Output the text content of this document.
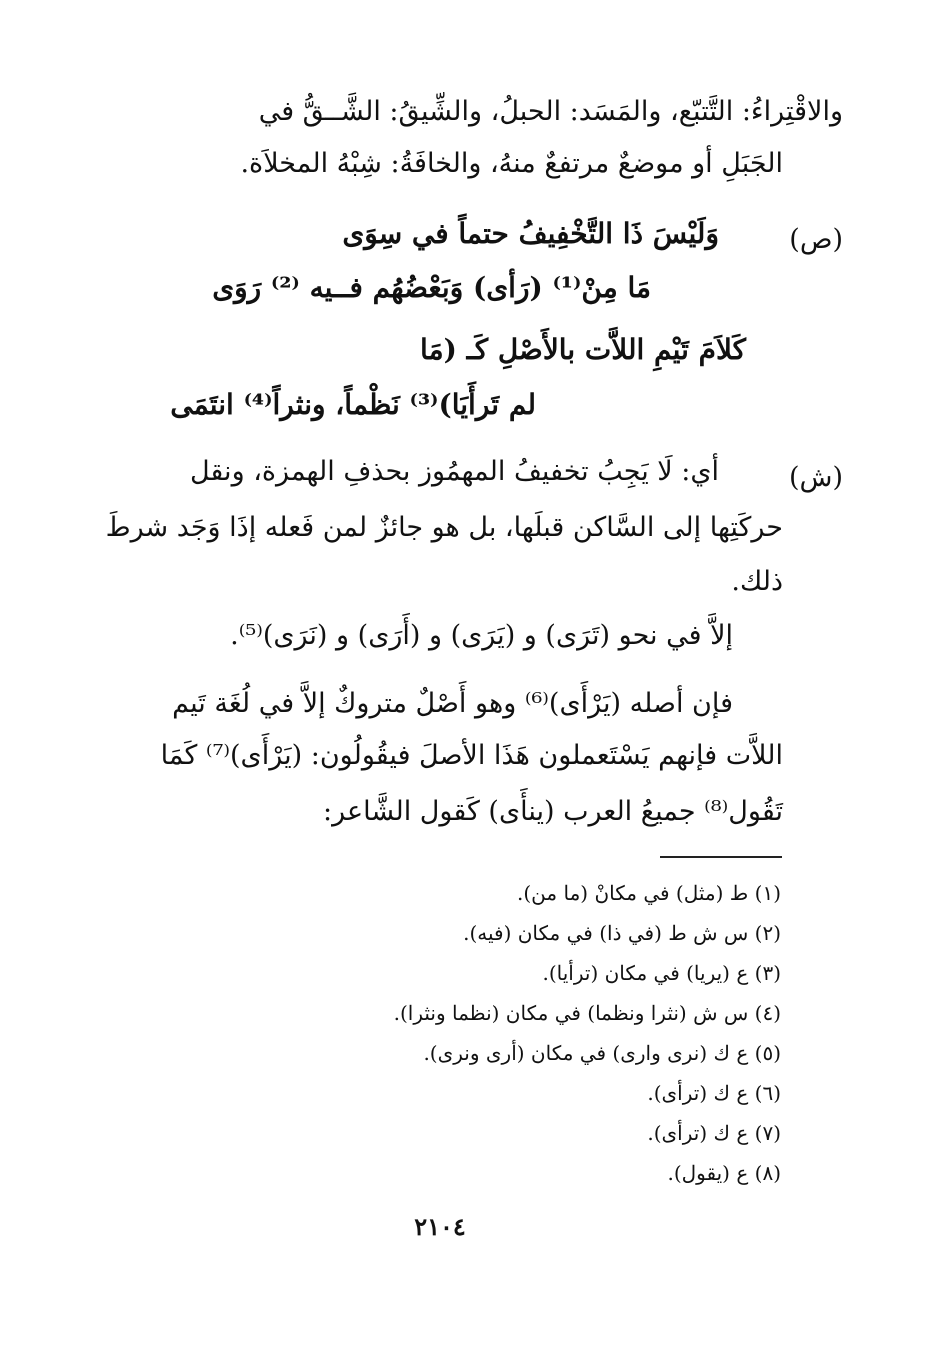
والاقْتِراءُ: التَّتبّع، والمَسَد: الحبلُ، والشِّيقُ: الشَّــقُّ في
الجَبَلِ أو موضعٌ مرتفعٌ منهُ، والخافَةُ: شِبْهُ المخلاَة.
(ص)
وَلَيْسَ ذَا التَّخْفِيفُ حتماً في سِوَى
مَا مِنْ⁽¹⁾ (رَأى) وَبَعْضُهُم فــيه ⁽²⁾ رَوَى
كَلاَمَ تَيْمِ اللاَّت بالأَصْلِ كَـ (مَا
لم تَرأَيَا)⁽³⁾ نَظْماً، ونثراً⁽⁴⁾ انتَمَى
(ش)
أي: لَا يَجِبُ تخفيفُ المهمُوز بحذفِ الهمزة، ونقل
حركَتِها إلى السَّاكن قبلَها، بل هو جائزٌ لمن فَعله إذَا وَجَد شرطَ
ذلك.
إلاَّ في نحو (تَرَى) و (يَرَى) و (أَرَى) و (نَرَى)⁽⁵⁾.
فإن أصله (يَرْأَى)⁽⁶⁾ وهو أَصْلٌ متروكٌ إلاَّ في لُغَة تَيم
اللاَّت فإنهم يَسْتَعملون هَذَا الأصلَ فيقُولُون: (يَرْأَى)⁽⁷⁾ كَمَا
تَقُول⁽⁸⁾ جميعُ العرب (ينأَى) كَقول الشَّاعر:
(١) ط (مثل) في مكانْ (ما من).
(٢) س ش ط (في ذا) في مكان (فيه).
(٣) ع (يريا) في مكان (ترأيا).
(٤) س ش (نثرا ونظما) في مكان (نظما ونثرا).
(٥) ع ك (نرى وارى) في مكان (أرى ونرى).
(٦) ع ك (ترأى).
(٧) ع ك (ترأى).
(٨) ع (يقول).
٢١٠٤
